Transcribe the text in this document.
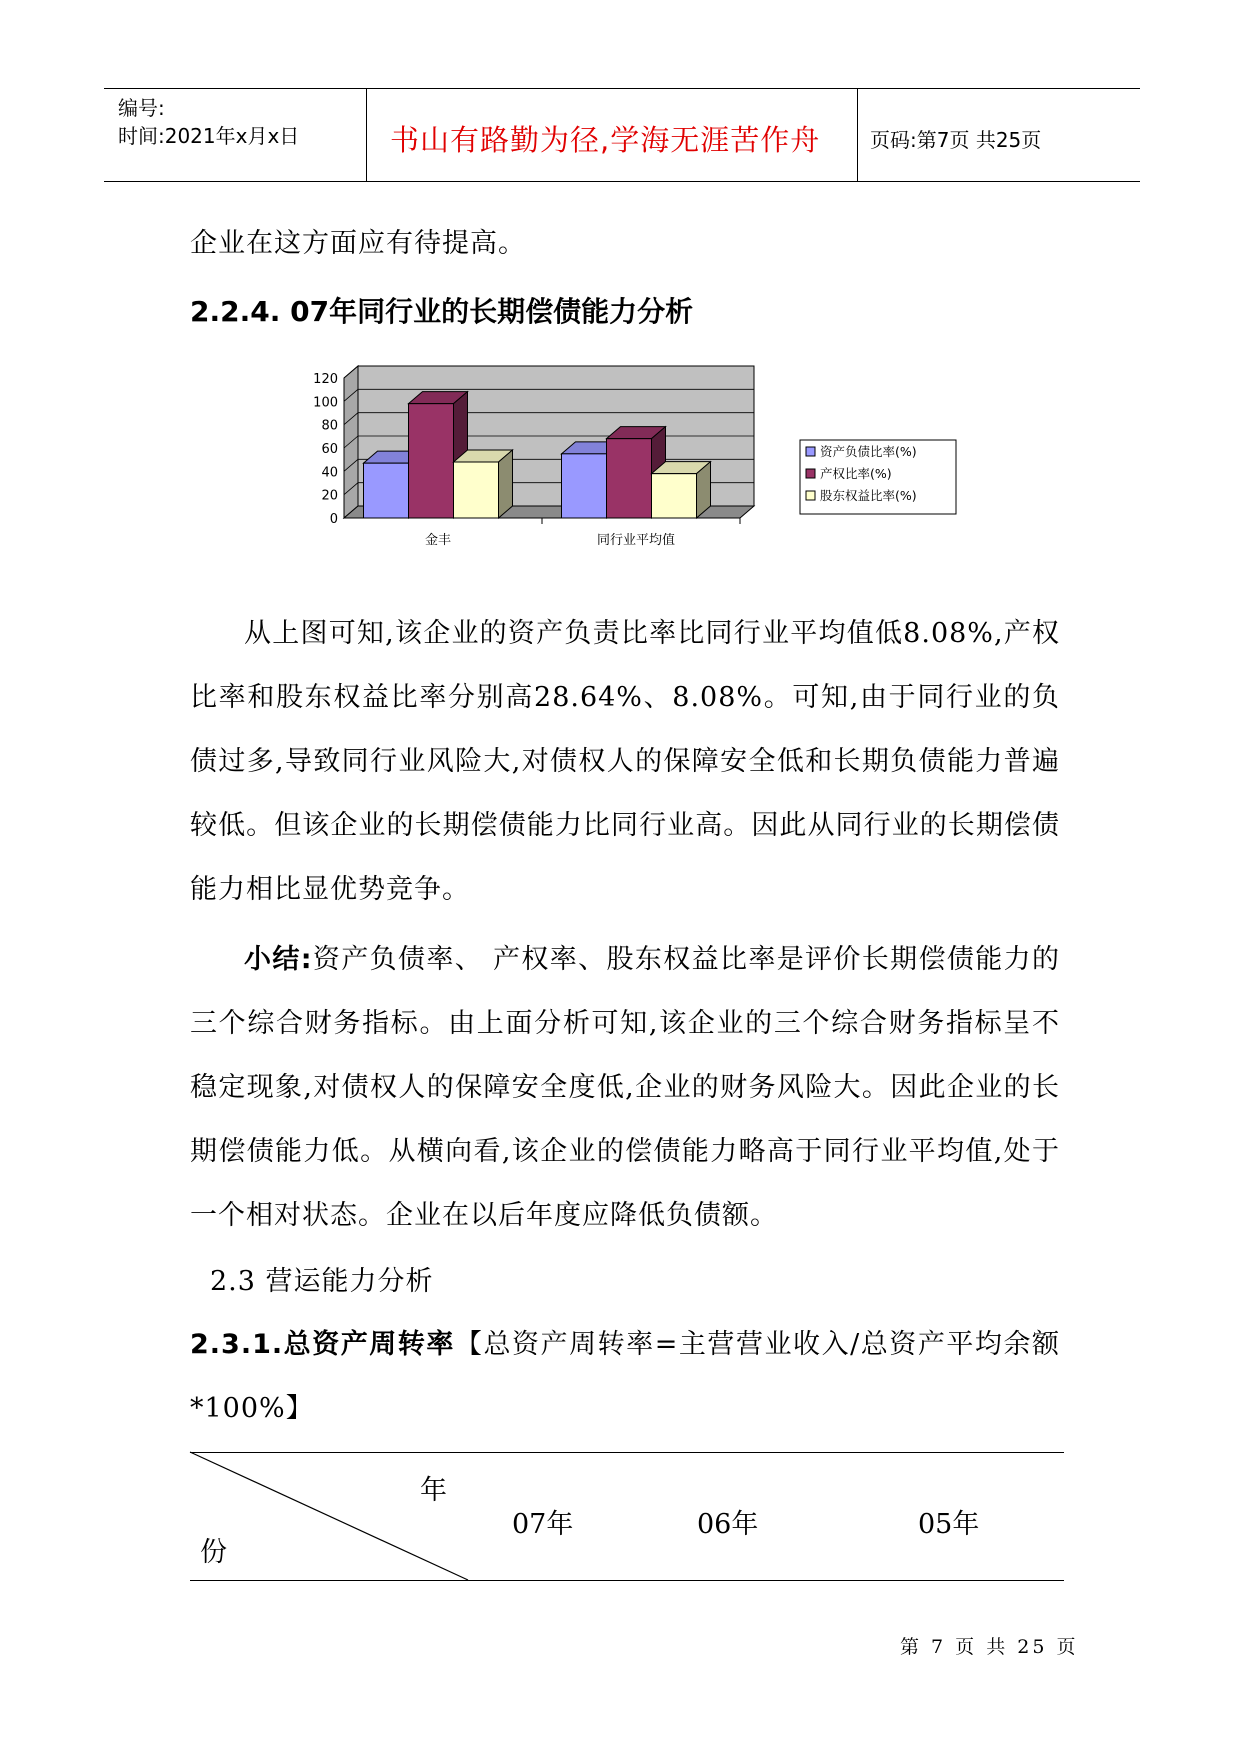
编号:
时间:2021年x月x日	书山有路勤为径,学海无涯苦作舟 页码:第7页 共25页
企业在这方面应有待提高。
2.2.4. 07年同行业的长期偿债能力分析
0
20
40
60
80
100
120
金丰	同行业平均值
资产负债比率(%)
产权比率(%)
股东权益比率(%)
从上图可知,该企业的资产负责比率比同行业平均值低8.08%,产权比率和股东权益比率分别高28.64%、8.08%。可知,由于同行业的负债过多,导致同行业风险大,对债权人的保障安全低和长期负债能力普遍较低。但该企业的长期偿债能力比同行业高。因此从同行业的长期偿债能力相比显优势竞争。
小结:资产负债率、 产权率、股东权益比率是评价长期偿债能力的三个综合财务指标。由上面分析可知,该企业的三个综合财务指标呈不稳定现象,对债权人的保障安全度低,企业的财务风险大。因此企业的长期偿债能力低。从横向看,该企业的偿债能力略高于同行业平均值,处于一个相对状态。企业在以后年度应降低负债额。
2.3 营运能力分析
2.3.1.总资产周转率【总资产周转率=主营营业收入/总资产平均余额*100%】
年
份
07年	06年	05年
第 7 页 共 25 页
